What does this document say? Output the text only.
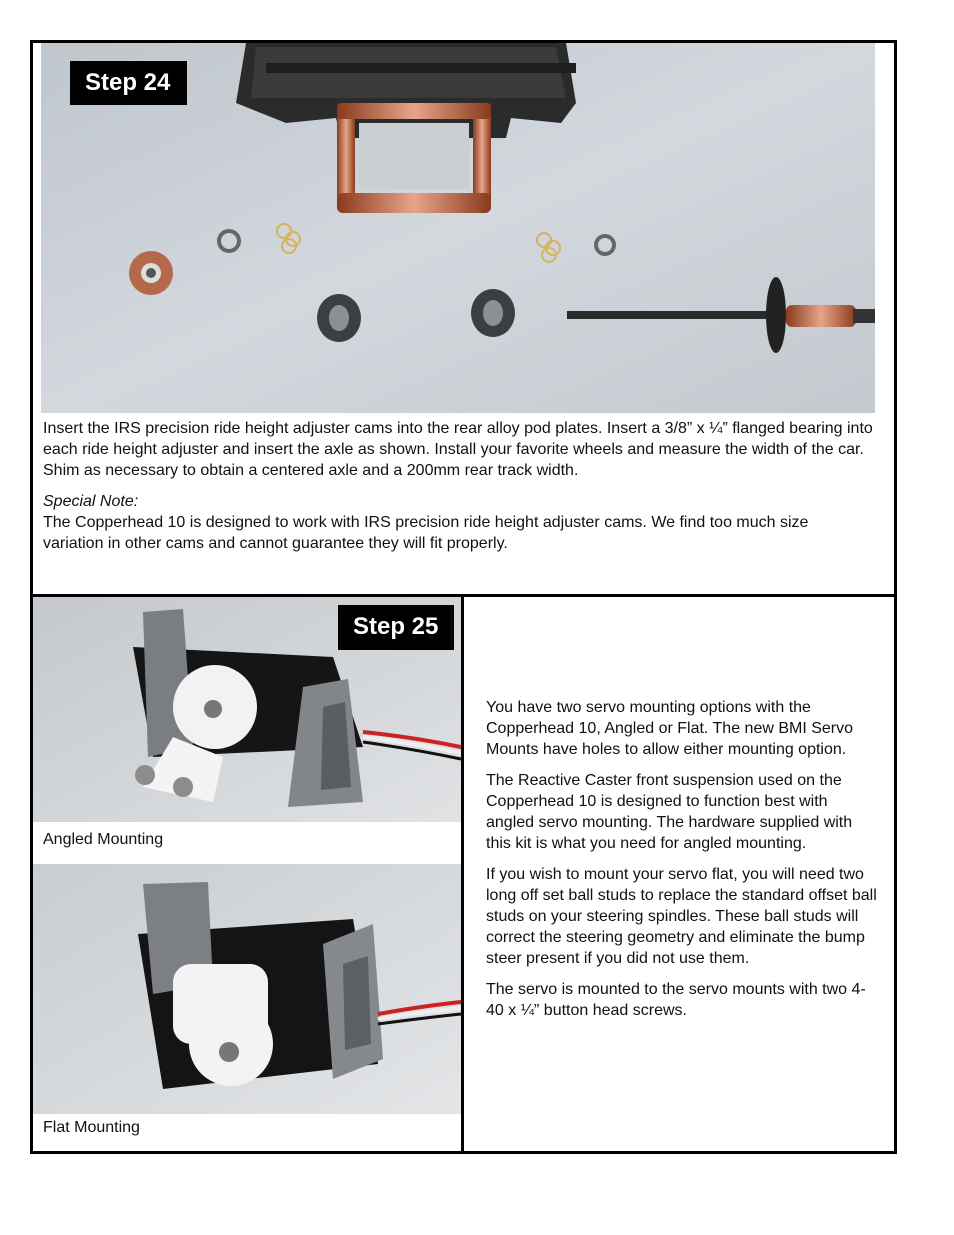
Step 24

Insert the IRS precision ride height adjuster cams into the rear alloy pod plates. Insert a 3/8” x ¼” flanged bearing into each ride height adjuster and insert the axle as shown. Install your favorite wheels and measure the width of the car. Shim as necessary to obtain a centered axle and a 200mm rear track width.

Special Note:
The Copperhead 10 is designed to work with IRS precision ride height adjuster cams. We find too much size variation in other cams and cannot guarantee they will fit properly.
Step 25
Angled Mounting
Flat Mounting

You have two servo mounting options with the Copperhead 10, Angled or Flat. The new BMI Servo Mounts have holes to allow either mounting option.

The Reactive Caster front suspension used on the Copperhead 10 is designed to function best with angled servo mounting. The hardware supplied with this kit is what you need for angled mounting.

If you wish to mount your servo flat, you will need two long off set ball studs to replace the standard offset ball studs on your steering spindles. These ball studs will correct the steering geometry and eliminate the bump steer present if you did not use them.

The servo is mounted to the servo mounts with two 4-40 x ¼” button head screws.
